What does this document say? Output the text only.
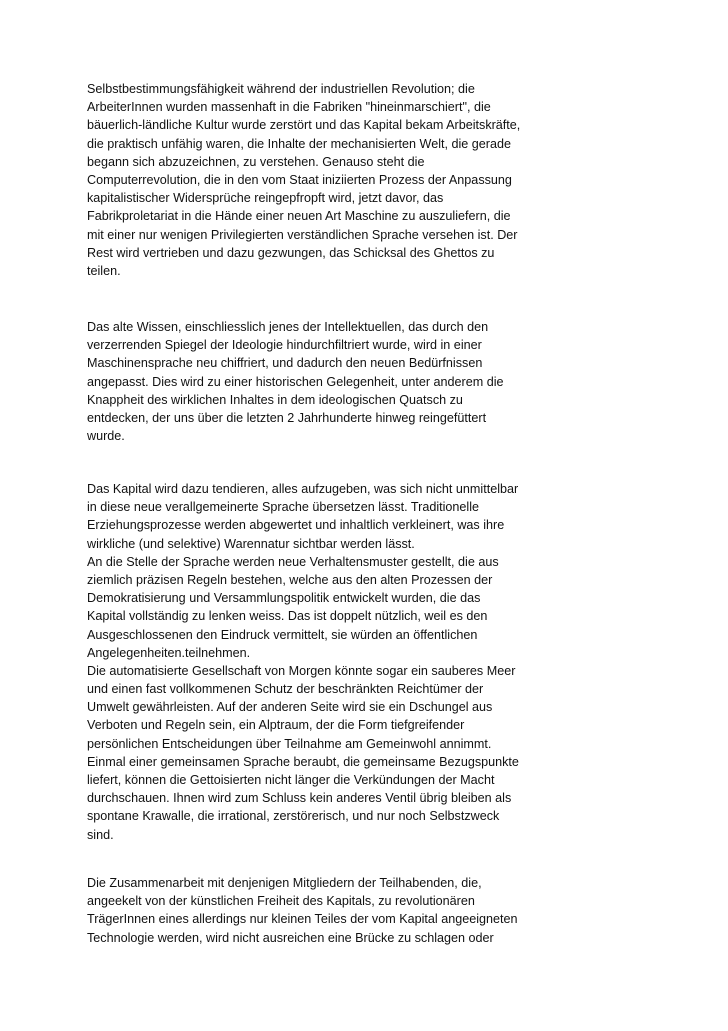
Selbstbestimmungsfähigkeit während der industriellen Revolution; die
ArbeiterInnen wurden massenhaft in die Fabriken "hineinmarschiert", die
bäuerlich-ländliche Kultur wurde zerstört und das Kapital bekam Arbeitskräfte,
die praktisch unfähig waren, die Inhalte der mechanisierten Welt, die gerade
begann sich abzuzeichnen, zu verstehen. Genauso steht die
Computerrevolution, die in den vom Staat iniziierten Prozess der Anpassung
kapitalistischer Widersprüche reingepfropft wird, jetzt davor, das
Fabrikproletariat in die Hände einer neuen Art Maschine zu auszuliefern, die
mit einer nur wenigen Privilegierten verständlichen Sprache versehen ist. Der
Rest wird vertrieben und dazu gezwungen, das Schicksal des Ghettos zu
teilen.
Das alte Wissen, einschliesslich jenes der Intellektuellen, das durch den
verzerrenden Spiegel der Ideologie hindurchfiltriert wurde, wird in einer
Maschinensprache neu chiffriert, und dadurch den neuen Bedürfnissen
angepasst. Dies wird zu einer historischen Gelegenheit, unter anderem die
Knappheit des wirklichen Inhaltes in dem ideologischen Quatsch zu
entdecken, der uns über die letzten 2 Jahrhunderte hinweg reingefüttert
wurde.
Das Kapital wird dazu tendieren, alles aufzugeben, was sich nicht unmittelbar
in diese neue verallgemeinerte Sprache übersetzen lässt. Traditionelle
Erziehungsprozesse werden abgewertet und inhaltlich verkleinert, was ihre
wirkliche (und selektive) Warennatur sichtbar werden lässt.
An die Stelle der Sprache werden neue Verhaltensmuster gestellt, die aus
ziemlich präzisen Regeln bestehen, welche aus den alten Prozessen der
Demokratisierung und Versammlungspolitik entwickelt wurden, die das
Kapital vollständig zu lenken weiss. Das ist doppelt nützlich, weil es den
Ausgeschlossenen den Eindruck vermittelt, sie würden an öffentlichen
Angelegenheiten.teilnehmen.
Die automatisierte Gesellschaft von Morgen könnte sogar ein sauberes Meer
und einen fast vollkommenen Schutz der beschränkten Reichtümer der
Umwelt gewährleisten. Auf der anderen Seite wird sie ein Dschungel aus
Verboten und Regeln sein, ein Alptraum, der die Form tiefgreifender
persönlichen Entscheidungen über Teilnahme am Gemeinwohl annimmt.
Einmal einer gemeinsamen Sprache beraubt, die gemeinsame Bezugspunkte
liefert, können die Gettoisierten nicht länger die Verkündungen der Macht
durchschauen. Ihnen wird zum Schluss kein anderes Ventil übrig bleiben als
spontane Krawalle, die irrational, zerstörerisch, und nur noch Selbstzweck
sind.
Die Zusammenarbeit mit denjenigen Mitgliedern der Teilhabenden, die,
angeekelt von der künstlichen Freiheit des Kapitals, zu revolutionären
TrägerInnen eines allerdings nur kleinen Teiles der vom Kapital angeeigneten
Technologie werden, wird nicht ausreichen eine Brücke zu schlagen oder
